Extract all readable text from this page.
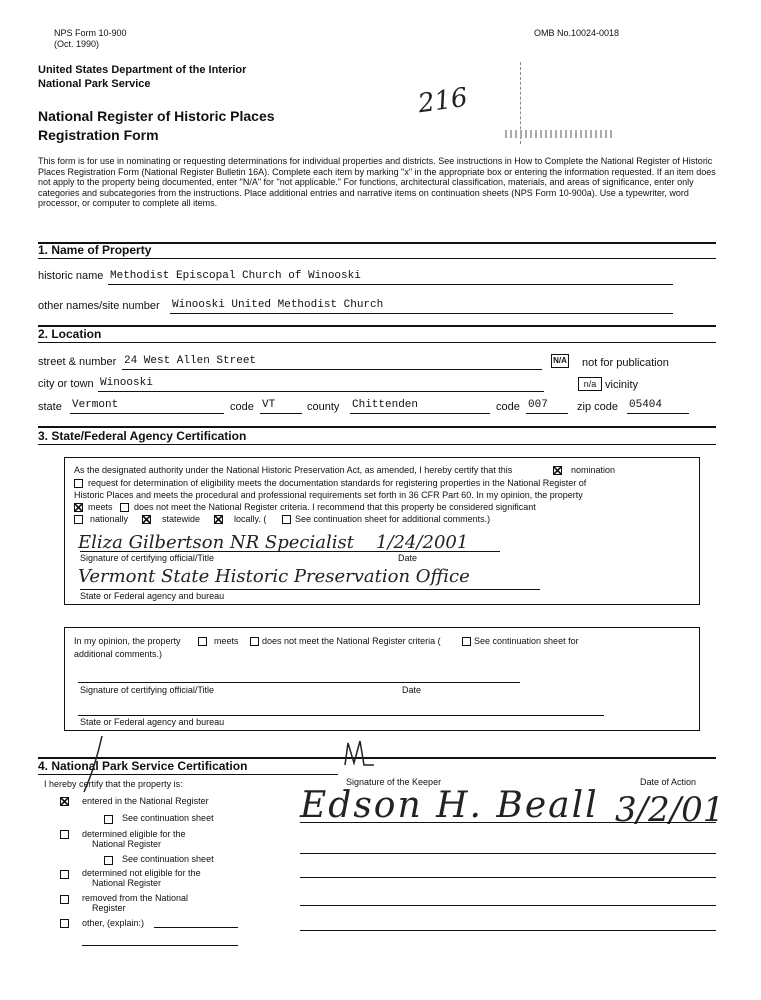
NPS Form 10-900
(Oct. 1990)
OMB No.10024-0018
United States Department of the Interior
National Park Service	216
National Register of Historic Places
Registration Form
This form is for use in nominating or requesting determinations for individual properties and districts. See instructions in How to Complete the National Register of Historic Places Registration Form (National Register Bulletin 16A). Complete each item by marking "x" in the appropriate box or entering the information requested. If an item does not apply to the property being documented, enter "N/A" for "not applicable." For functions, architectural classification, materials, and areas of significance, enter only categories and subcategories from the instructions. Place additional entries and narrative items on continuation sheets (NPS Form 10-900a). Use a typewriter, word processor, or computer to complete all items.
1. Name of Property
historic name Methodist Episcopal Church of Winooski
other names/site number Winooski United Methodist Church
2. Location
street & number 24 West Allen Street	N/A not for publication
city or town Winooski	n/a vicinity
state Vermont	code VT	county Chittenden	code 007	zip code 05404
3. State/Federal Agency Certification
As the designated authority under the National Historic Preservation Act, as amended, I hereby certify that this	nomination
request for determination of eligibility meets the documentation standards for registering properties in the National Register of
Historic Places and meets the procedural and professional requirements set forth in 36 CFR Part 60. In my opinion, the property
meets does not meet the National Register criteria. I recommend that this property be considered significant
nationally	statewide	locally. (	See continuation sheet for additional comments.)
Eliza Gilbertson NR Specialist 1/24/2001
Signature of certifying official/Title	Date
Vermont State Historic Preservation Office
State or Federal agency and bureau
In my opinion, the property	meets	does not meet the National Register criteria (	See continuation sheet for
additional comments.)
Signature of certifying official/Title	Date
State or Federal agency and bureau
4. National Park Service Certification
I hereby certify that the property is:	Signature of the Keeper	Date of Action
Edson H. Beall 3/2/01
entered in the National Register
See continuation sheet
determined eligible for the
National Register
See continuation sheet
determined not eligible for the
National Register
removed from the National
Register
other, (explain:)
